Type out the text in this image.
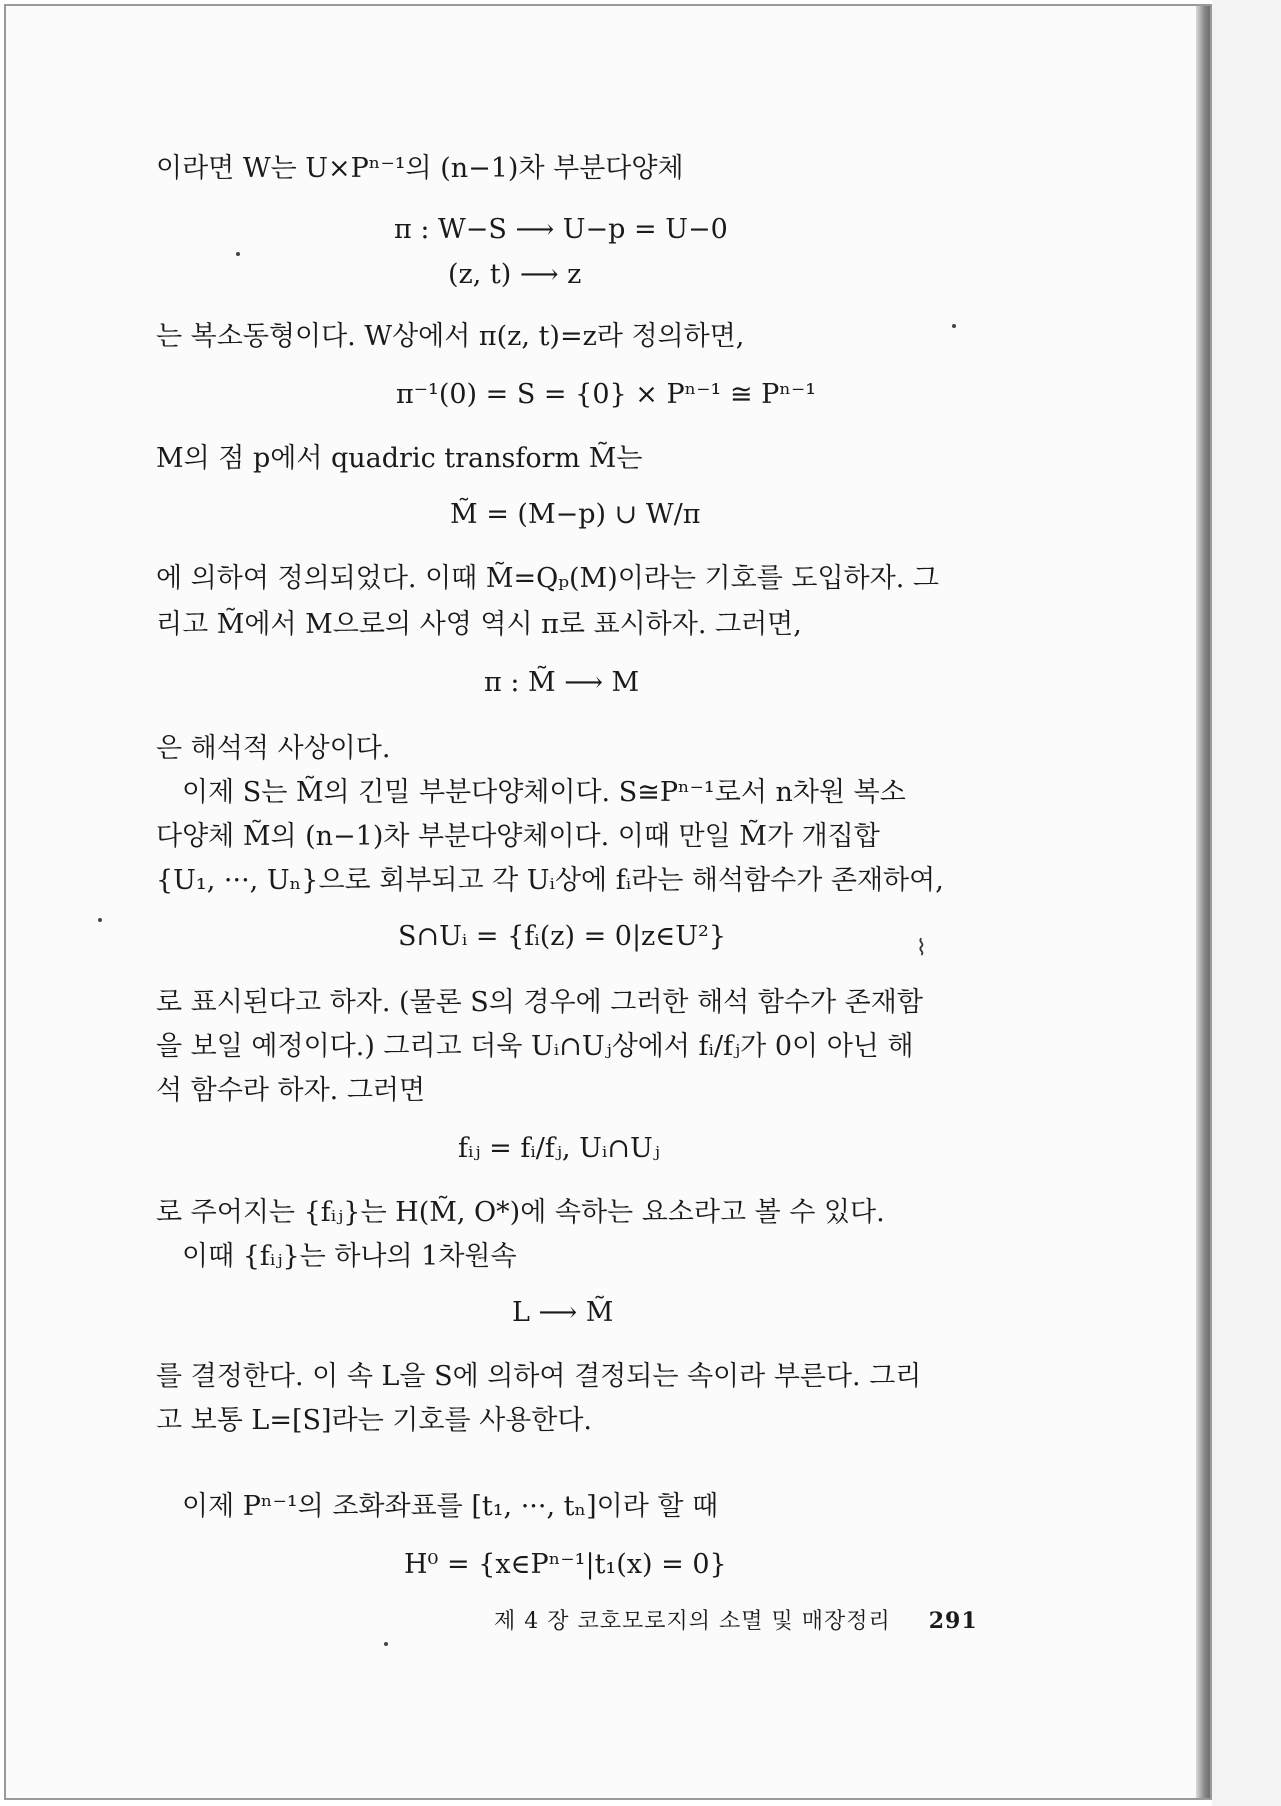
이라면 W는 U×Pⁿ⁻¹의 (n−1)차 부분다양체
π : W−S ⟶ U−p = U−0
(z, t) ⟶ z
는 복소동형이다. W상에서 π(z, t)=z라 정의하면,
π⁻¹(0) = S = {0} × Pⁿ⁻¹ ≅ Pⁿ⁻¹
M의 점 p에서 quadric transform M̃는
M̃ = (M−p) ∪ W/π
에 의하여 정의되었다. 이때 M̃=Qₚ(M)이라는 기호를 도입하자. 그
리고 M̃에서 M으로의 사영 역시 π로 표시하자. 그러면,
π : M̃ ⟶ M
은 해석적 사상이다.
이제 S는 M̃의 긴밀 부분다양체이다. S≅Pⁿ⁻¹로서 n차원 복소
다양체 M̃의 (n−1)차 부분다양체이다. 이때 만일 M̃가 개집합
{U₁, ···, Uₙ}으로 회부되고 각 Uᵢ상에 fᵢ라는 해석함수가 존재하여,
S∩Uᵢ = {fᵢ(z) = 0|z∈U²}	⌇
로 표시된다고 하자. (물론 S의 경우에 그러한 해석 함수가 존재함
을 보일 예정이다.) 그리고 더욱 Uᵢ∩Uⱼ상에서 fᵢ/fⱼ가 0이 아닌 해
석 함수라 하자. 그러면
fᵢⱼ = fᵢ/fⱼ, Uᵢ∩Uⱼ
로 주어지는 {fᵢⱼ}는 H(M̃, O*)에 속하는 요소라고 볼 수 있다.
이때 {fᵢⱼ}는 하나의 1차원속
L ⟶ M̃
를 결정한다. 이 속 L을 S에 의하여 결정되는 속이라 부른다. 그리
고 보통 L=[S]라는 기호를 사용한다.
이제 Pⁿ⁻¹의 조화좌표를 [t₁, ···, tₙ]이라 할 때
H⁰ = {x∈Pⁿ⁻¹|t₁(x) = 0}
제 4 장 코호모로지의 소멸 및 매장정리 291
